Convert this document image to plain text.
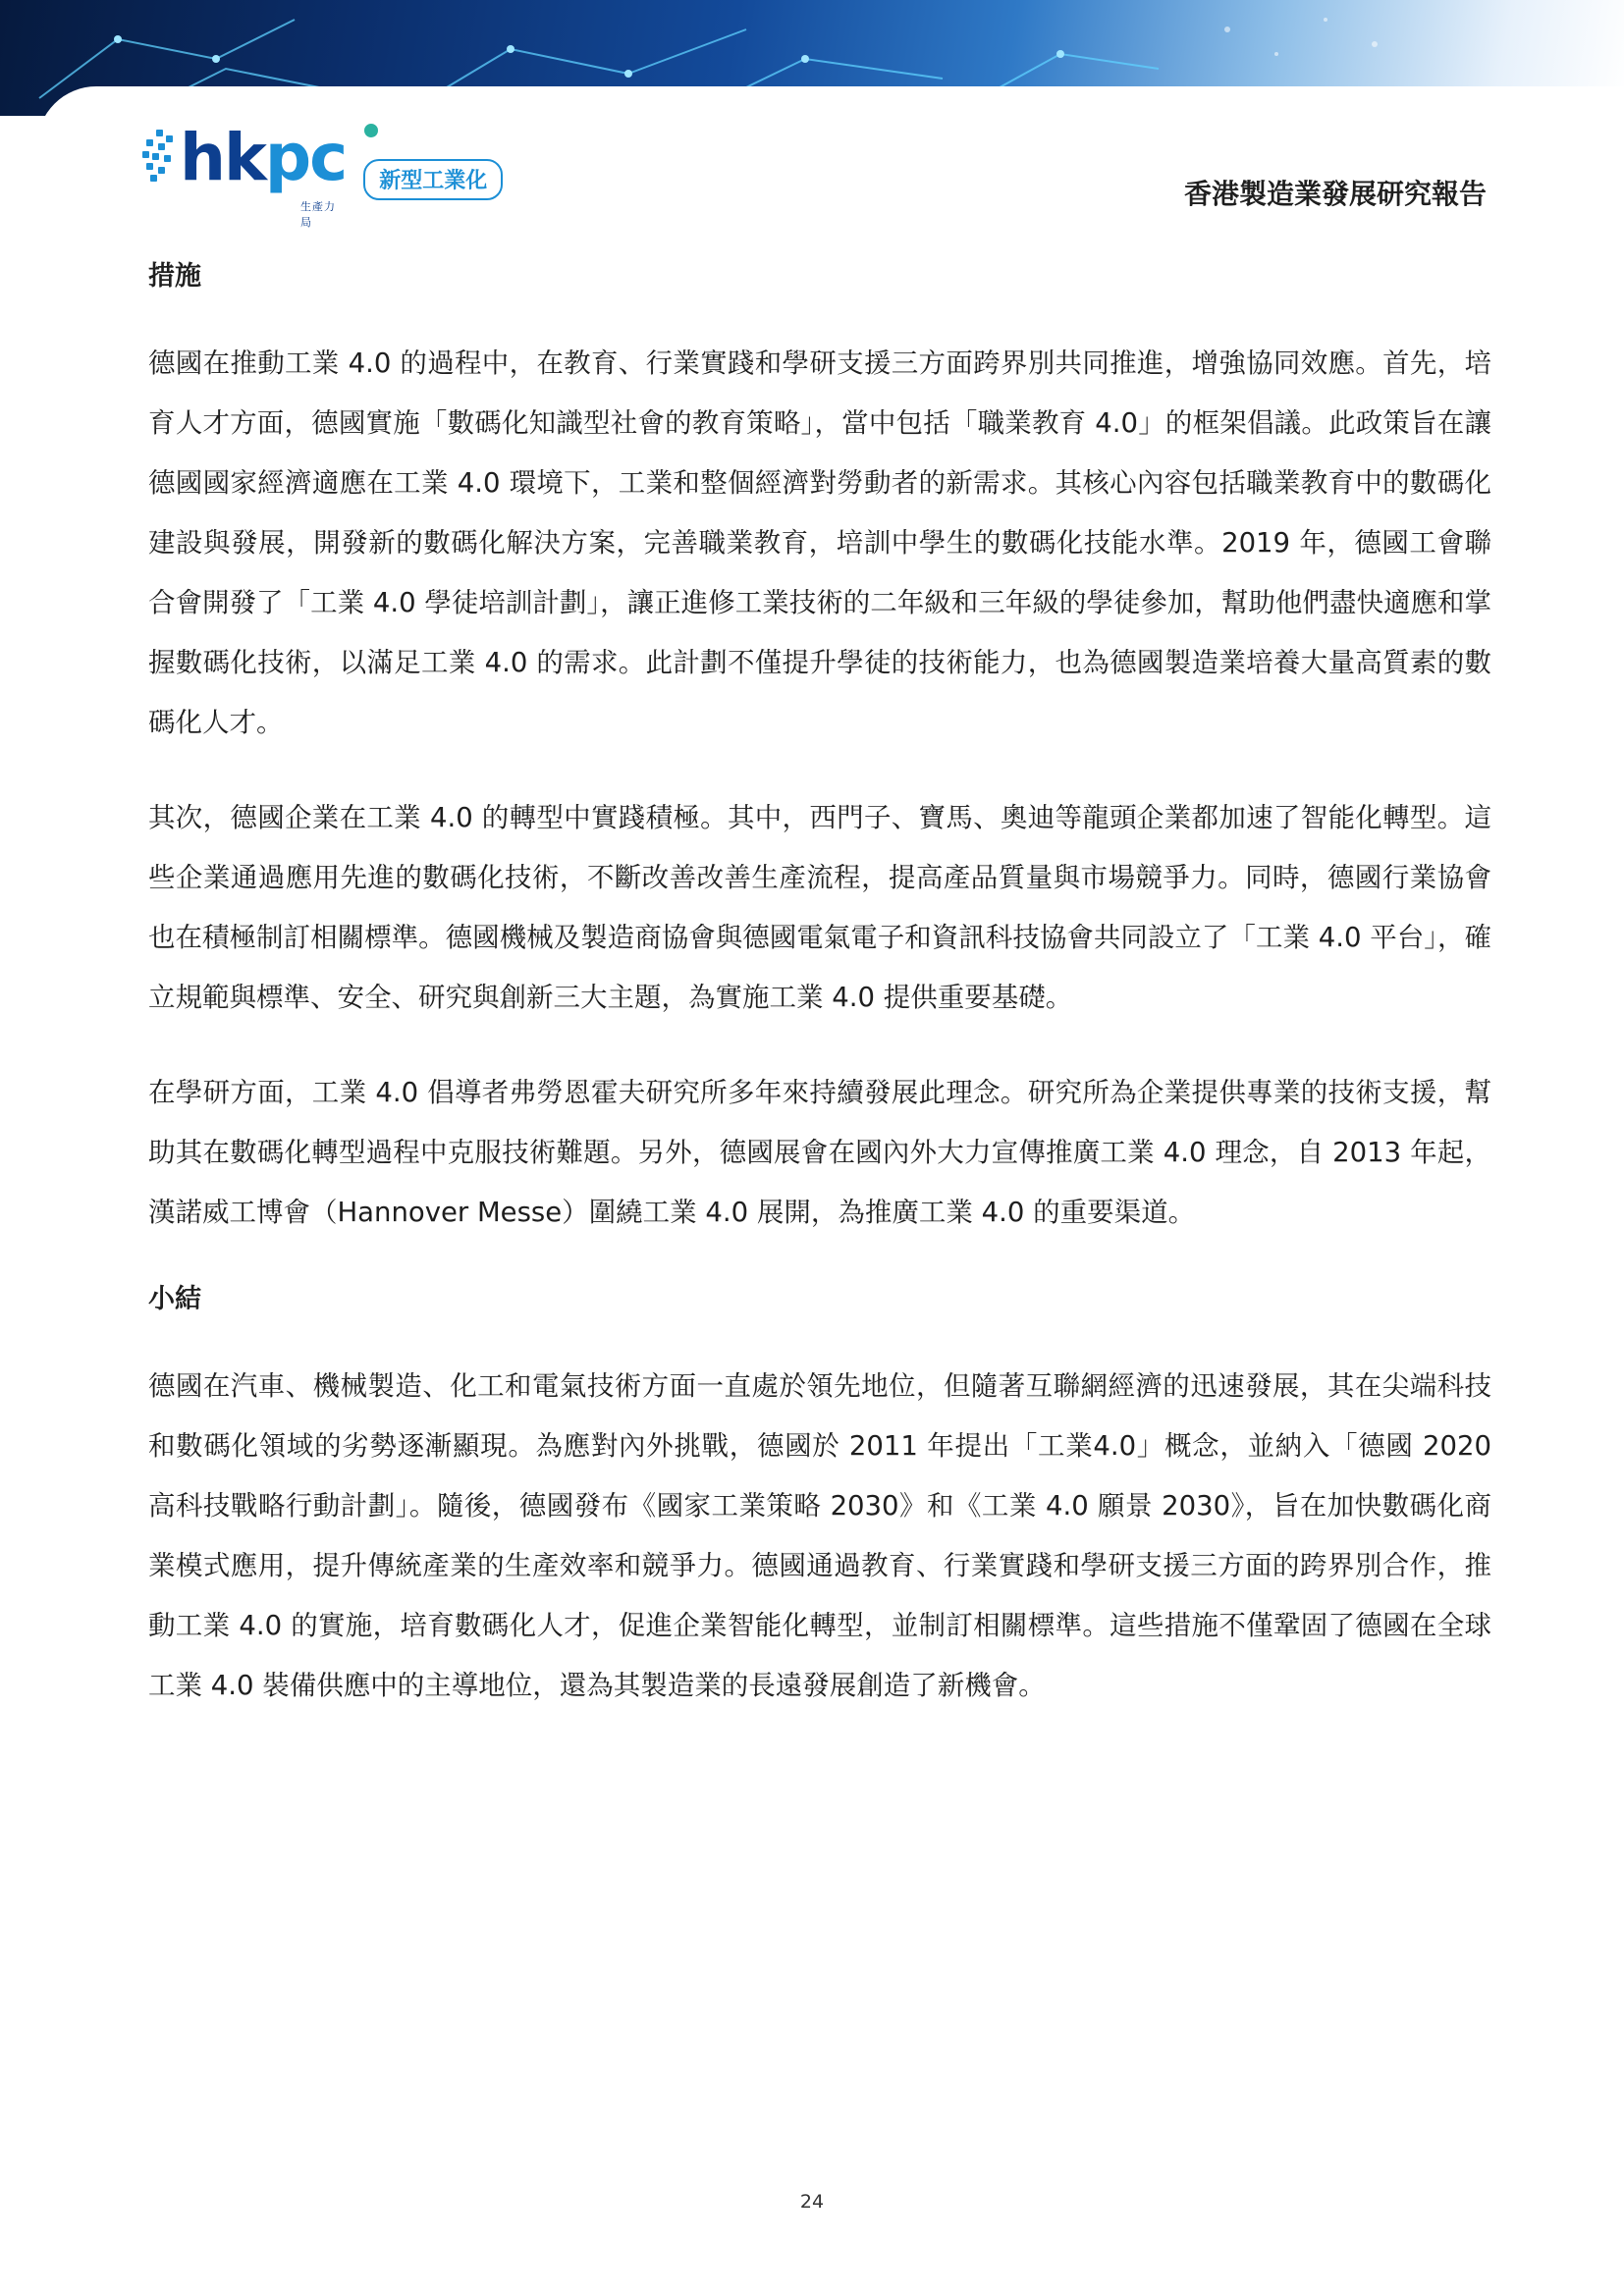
hkpc
生產力局
新型工業化	香港製造業發展研究報告
措施

德國在推動工業 4.0 的過程中，在教育、行業實踐和學研支援三方面跨界別共同推進，增強協同效應。首先，培育人才方面，德國實施「數碼化知識型社會的教育策略」，當中包括「職業教育 4.0」的框架倡議。此政策旨在讓德國國家經濟適應在工業 4.0 環境下，工業和整個經濟對勞動者的新需求。其核心內容包括職業教育中的數碼化建設與發展，開發新的數碼化解決方案，完善職業教育，培訓中學生的數碼化技能水準。2019 年，德國工會聯合會開發了「工業 4.0 學徒培訓計劃」，讓正進修工業技術的二年級和三年級的學徒參加，幫助他們盡快適應和掌握數碼化技術，以滿足工業 4.0 的需求。此計劃不僅提升學徒的技術能力，也為德國製造業培養大量高質素的數碼化人才。

其次，德國企業在工業 4.0 的轉型中實踐積極。其中，西門子、寶馬、奧迪等龍頭企業都加速了智能化轉型。這些企業通過應用先進的數碼化技術，不斷改善改善生產流程，提高產品質量與市場競爭力。同時，德國行業協會也在積極制訂相關標準。德國機械及製造商協會與德國電氣電子和資訊科技協會共同設立了「工業 4.0 平台」，確立規範與標準、安全、研究與創新三大主題，為實施工業 4.0 提供重要基礎。

在學研方面，工業 4.0 倡導者弗勞恩霍夫研究所多年來持續發展此理念。研究所為企業提供專業的技術支援，幫助其在數碼化轉型過程中克服技術難題。另外，德國展會在國內外大力宣傳推廣工業 4.0 理念，自 2013 年起，漢諾威工博會（Hannover Messe）圍繞工業 4.0 展開，為推廣工業 4.0 的重要渠道。

小結

德國在汽車、機械製造、化工和電氣技術方面一直處於領先地位，但隨著互聯網經濟的迅速發展，其在尖端科技和數碼化領域的劣勢逐漸顯現。為應對內外挑戰，德國於 2011 年提出「工業4.0」概念，並納入「德國 2020 高科技戰略行動計劃」。隨後，德國發布《國家工業策略 2030》和《工業 4.0 願景 2030》，旨在加快數碼化商業模式應用，提升傳統產業的生產效率和競爭力。德國通過教育、行業實踐和學研支援三方面的跨界別合作，推動工業 4.0 的實施，培育數碼化人才，促進企業智能化轉型，並制訂相關標準。這些措施不僅鞏固了德國在全球工業 4.0 裝備供應中的主導地位，還為其製造業的長遠發展創造了新機會。

24
